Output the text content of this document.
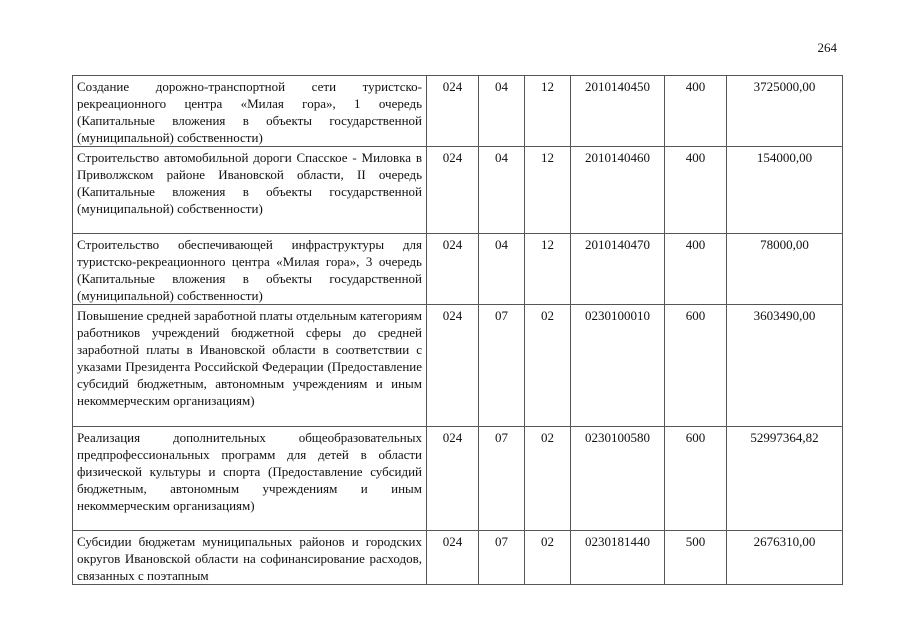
264
Создание дорожно-транспортной сети туристско-рекреационного центра «Милая гора», 1 очередь (Капитальные вложения в объекты государственной (муниципальной) собственности)	024	04	12	2010140450	400	3725000,00
Строительство автомобильной дороги Спасское - Миловка в Приволжском районе Ивановской области, II очередь (Капитальные вложения в объекты государственной (муниципальной) собственности)	024	04	12	2010140460	400	154000,00
Строительство обеспечивающей инфраструктуры для туристско-рекреационного центра «Милая гора», 3 очередь (Капитальные вложения в объекты государственной (муниципальной) собственности)	024	04	12	2010140470	400	78000,00
Повышение средней заработной платы отдельным категориям работников учреждений бюджетной сферы до средней заработной платы в Ивановской области в соответствии с указами Президента Российской Федерации (Предоставление субсидий бюджетным, автономным учреждениям и иным некоммерческим организациям)	024	07	02	0230100010	600	3603490,00
Реализация дополнительных общеобразовательных предпрофессиональных программ для детей в области физической культуры и спорта (Предоставление субсидий бюджетным, автономным учреждениям и иным некоммерческим организациям)	024	07	02	0230100580	600	52997364,82
Субсидии бюджетам муниципальных районов и городских округов Ивановской области на софинансирование расходов, связанных с поэтапным	024	07	02	0230181440	500	2676310,00
